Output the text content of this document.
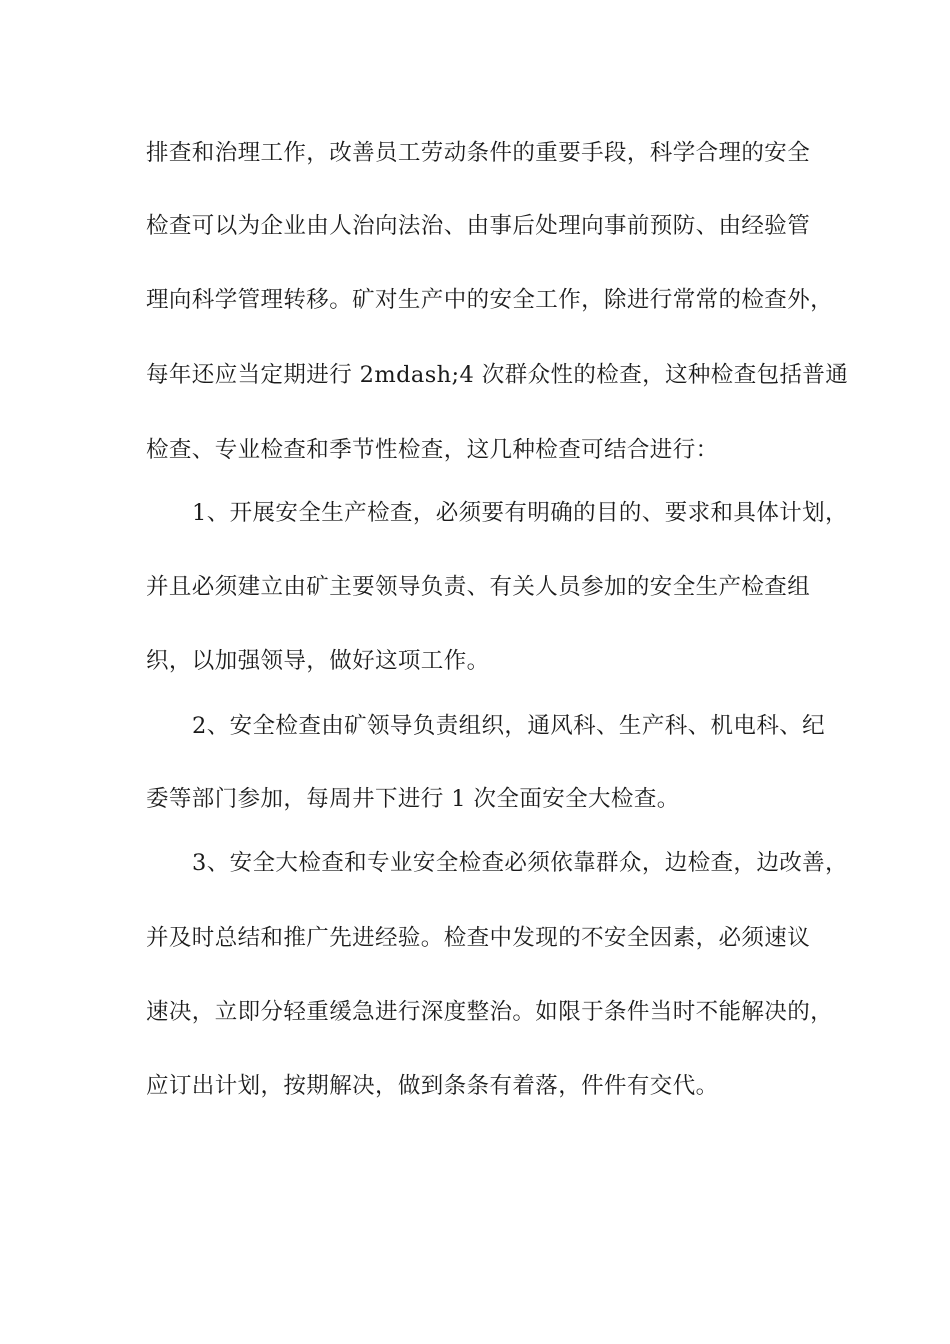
排查和治理工作，改善员工劳动条件的重要手段，科学合理的安全
检查可以为企业由人治向法治、由事后处理向事前预防、由经验管
理向科学管理转移。矿对生产中的安全工作，除进行常常的检查外，
每年还应当定期进行 2mdash;4 次群众性的检查，这种检查包括普通
检查、专业检查和季节性检查，这几种检查可结合进行：
1、开展安全生产检查，必须要有明确的目的、要求和具体计划，
并且必须建立由矿主要领导负责、有关人员参加的安全生产检查组
织，以加强领导，做好这项工作。
2、安全检查由矿领导负责组织，通风科、生产科、机电科、纪
委等部门参加，每周井下进行 1 次全面安全大检查。
3、安全大检查和专业安全检查必须依靠群众，边检查，边改善，
并及时总结和推广先进经验。检查中发现的不安全因素，必须速议
速决，立即分轻重缓急进行深度整治。如限于条件当时不能解决的，
应订出计划，按期解决，做到条条有着落，件件有交代。
